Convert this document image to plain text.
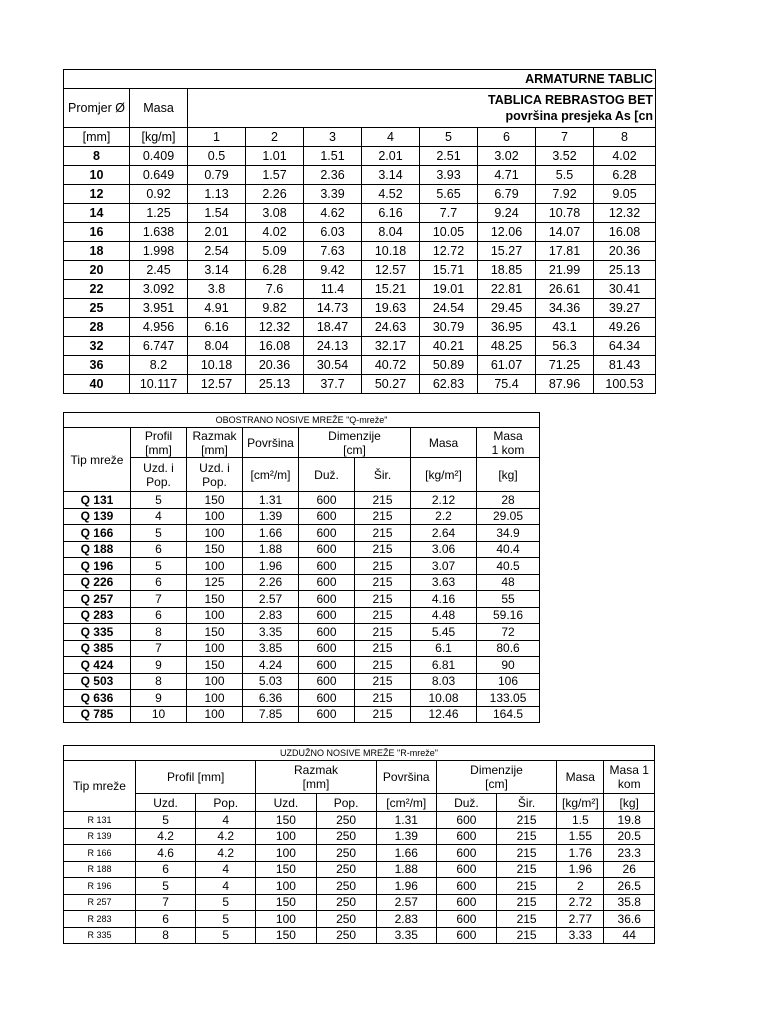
ARMATURNE TABLIC									
Promjer Ø	Masa	TABLICA REBRASTOG BET
površina presjeka As [cn							

[mm]	[kg/m]	1	2	3	4	5	6	7	8
8	0.409	0.5	1.01	1.51	2.01	2.51	3.02	3.52	4.02
10	0.649	0.79	1.57	2.36	3.14	3.93	4.71	5.5	6.28
12	0.92	1.13	2.26	3.39	4.52	5.65	6.79	7.92	9.05
14	1.25	1.54	3.08	4.62	6.16	7.7	9.24	10.78	12.32
16	1.638	2.01	4.02	6.03	8.04	10.05	12.06	14.07	16.08
18	1.998	2.54	5.09	7.63	10.18	12.72	15.27	17.81	20.36
20	2.45	3.14	6.28	9.42	12.57	15.71	18.85	21.99	25.13
22	3.092	3.8	7.6	11.4	15.21	19.01	22.81	26.61	30.41
25	3.951	4.91	9.82	14.73	19.63	24.54	29.45	34.36	39.27
28	4.956	6.16	12.32	18.47	24.63	30.79	36.95	43.1	49.26
32	6.747	8.04	16.08	24.13	32.17	40.21	48.25	56.3	64.34
36	8.2	10.18	20.36	30.54	40.72	50.89	61.07	71.25	81.43
40	10.117	12.57	25.13	37.7	50.27	62.83	75.4	87.96	100.53
OBOSTRANO NOSIVE MREŽE "Q-mreže"							
Tip mreže	Profil [mm]	Razmak [mm]	Površina	Dimenzije [cm]		Masa	Masa 1 kom
	Uzd. i Pop.	Uzd. i Pop.	[cm²/m]	Duž.	Šir.	[kg/m²]	[kg]
Q 131	5	150	1.31	600	215	2.12	28
Q 139	4	100	1.39	600	215	2.2	29.05
Q 166	5	100	1.66	600	215	2.64	34.9
Q 188	6	150	1.88	600	215	3.06	40.4
Q 196	5	100	1.96	600	215	3.07	40.5
Q 226	6	125	2.26	600	215	3.63	48
Q 257	7	150	2.57	600	215	4.16	55
Q 283	6	100	2.83	600	215	4.48	59.16
Q 335	8	150	3.35	600	215	5.45	72
Q 385	7	100	3.85	600	215	6.1	80.6
Q 424	9	150	4.24	600	215	6.81	90
Q 503	8	100	5.03	600	215	8.03	106
Q 636	9	100	6.36	600	215	10.08	133.05
Q 785	10	100	7.85	600	215	12.46	164.5
UZDUŽNO NOSIVE MREŽE "R-mreže"									
Tip mreže	Profil [mm]		Razmak [mm]		Površina	Dimenzije [cm]		Masa	Masa 1 kom
	Uzd.	Pop.	Uzd.	Pop.	[cm²/m]	Duž.	Šir.	[kg/m²]	[kg]
R 131	5	4	150	250	1.31	600	215	1.5	19.8
R 139	4.2	4.2	100	250	1.39	600	215	1.55	20.5
R 166	4.6	4.2	100	250	1.66	600	215	1.76	23.3
R 188	6	4	150	250	1.88	600	215	1.96	26
R 196	5	4	100	250	1.96	600	215	2	26.5
R 257	7	5	150	250	2.57	600	215	2.72	35.8
R 283	6	5	100	250	2.83	600	215	2.77	36.6
R 335	8	5	150	250	3.35	600	215	3.33	44
